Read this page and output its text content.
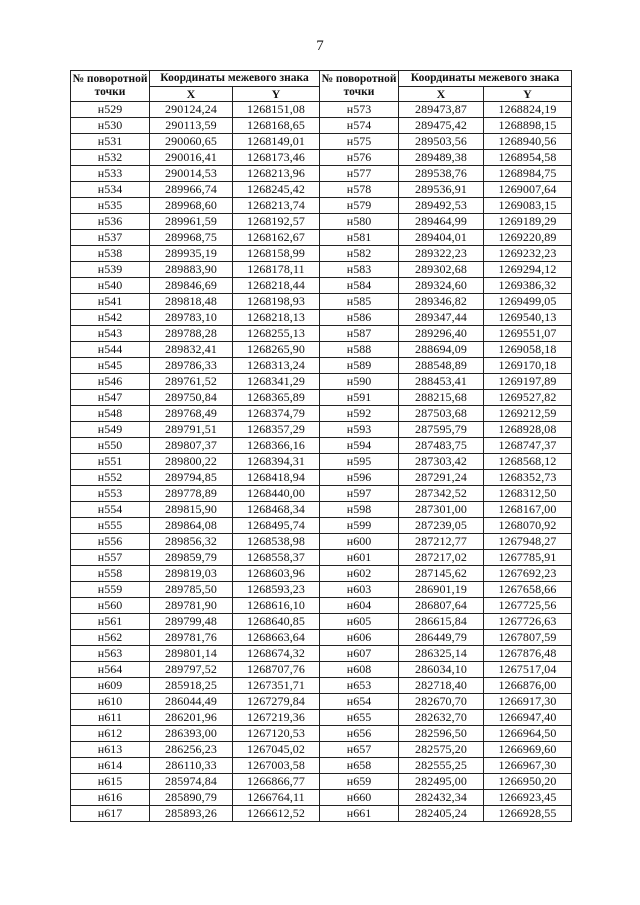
7
№ поворотной точки	Координаты межевого знака		№ поворотной точки	Координаты межевого знака	
	X	Y		X	Y
н529	290124,24	1268151,08	н573	289473,87	1268824,19
н530	290113,59	1268168,65	н574	289475,42	1268898,15
н531	290060,65	1268149,01	н575	289503,56	1268940,56
н532	290016,41	1268173,46	н576	289489,38	1268954,58
н533	290014,53	1268213,96	н577	289538,76	1268984,75
н534	289966,74	1268245,42	н578	289536,91	1269007,64
н535	289968,60	1268213,74	н579	289492,53	1269083,15
н536	289961,59	1268192,57	н580	289464,99	1269189,29
н537	289968,75	1268162,67	н581	289404,01	1269220,89
н538	289935,19	1268158,99	н582	289322,23	1269232,23
н539	289883,90	1268178,11	н583	289302,68	1269294,12
н540	289846,69	1268218,44	н584	289324,60	1269386,32
н541	289818,48	1268198,93	н585	289346,82	1269499,05
н542	289783,10	1268218,13	н586	289347,44	1269540,13
н543	289788,28	1268255,13	н587	289296,40	1269551,07
н544	289832,41	1268265,90	н588	288694,09	1269058,18
н545	289786,33	1268313,24	н589	288548,89	1269170,18
н546	289761,52	1268341,29	н590	288453,41	1269197,89
н547	289750,84	1268365,89	н591	288215,68	1269527,82
н548	289768,49	1268374,79	н592	287503,68	1269212,59
н549	289791,51	1268357,29	н593	287595,79	1268928,08
н550	289807,37	1268366,16	н594	287483,75	1268747,37
н551	289800,22	1268394,31	н595	287303,42	1268568,12
н552	289794,85	1268418,94	н596	287291,24	1268352,73
н553	289778,89	1268440,00	н597	287342,52	1268312,50
н554	289815,90	1268468,34	н598	287301,00	1268167,00
н555	289864,08	1268495,74	н599	287239,05	1268070,92
н556	289856,32	1268538,98	н600	287212,77	1267948,27
н557	289859,79	1268558,37	н601	287217,02	1267785,91
н558	289819,03	1268603,96	н602	287145,62	1267692,23
н559	289785,50	1268593,23	н603	286901,19	1267658,66
н560	289781,90	1268616,10	н604	286807,64	1267725,56
н561	289799,48	1268640,85	н605	286615,84	1267726,63
н562	289781,76	1268663,64	н606	286449,79	1267807,59
н563	289801,14	1268674,32	н607	286325,14	1267876,48
н564	289797,52	1268707,76	н608	286034,10	1267517,04
н609	285918,25	1267351,71	н653	282718,40	1266876,00
н610	286044,49	1267279,84	н654	282670,70	1266917,30
н611	286201,96	1267219,36	н655	282632,70	1266947,40
н612	286393,00	1267120,53	н656	282596,50	1266964,50
н613	286256,23	1267045,02	н657	282575,20	1266969,60
н614	286110,33	1267003,58	н658	282555,25	1266967,30
н615	285974,84	1266866,77	н659	282495,00	1266950,20
н616	285890,79	1266764,11	н660	282432,34	1266923,45
н617	285893,26	1266612,52	н661	282405,24	1266928,55
